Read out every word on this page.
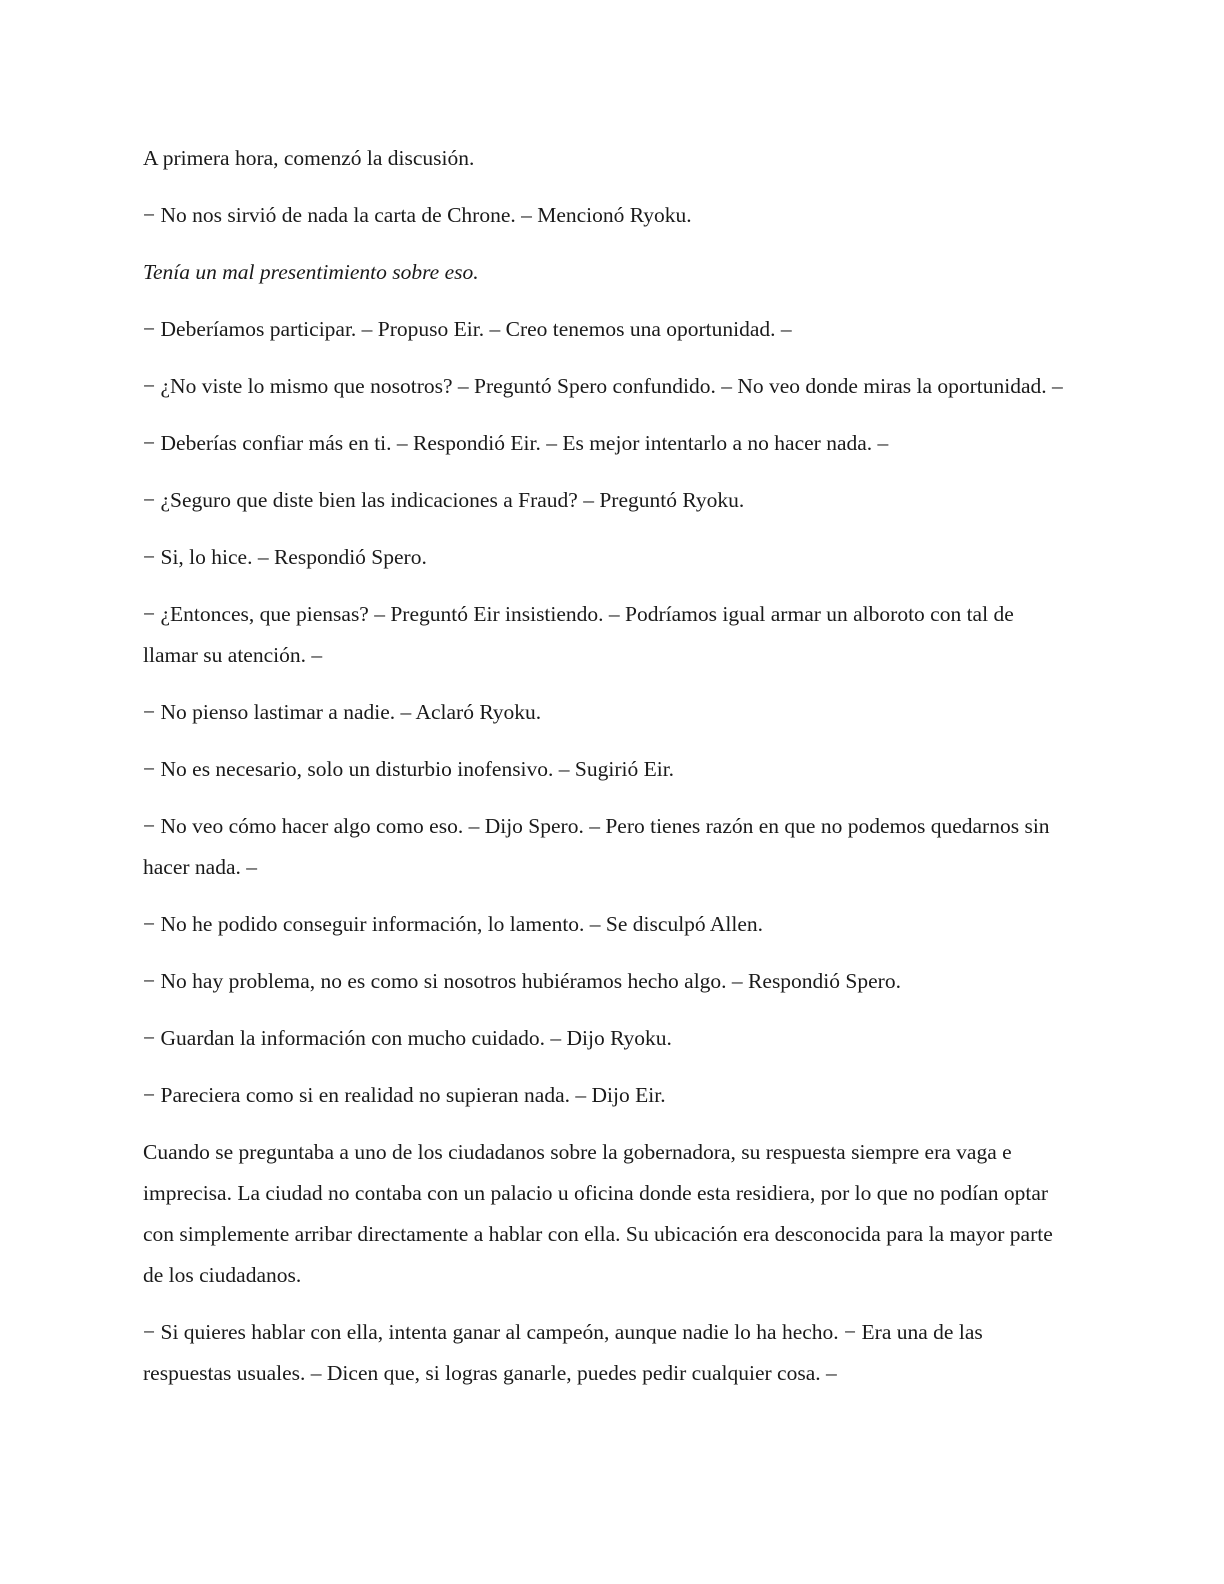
A primera hora, comenzó la discusión.

− No nos sirvió de nada la carta de Chrone. – Mencionó Ryoku.

Tenía un mal presentimiento sobre eso.

− Deberíamos participar. – Propuso Eir. – Creo tenemos una oportunidad. –

− ¿No viste lo mismo que nosotros? – Preguntó Spero confundido. – No veo donde miras la oportunidad. –

− Deberías confiar más en ti. – Respondió Eir. – Es mejor intentarlo a no hacer nada. –

− ¿Seguro que diste bien las indicaciones a Fraud? – Preguntó Ryoku.

− Si, lo hice. – Respondió Spero.

− ¿Entonces, que piensas? – Preguntó Eir insistiendo. – Podríamos igual armar un alboroto con tal de llamar su atención. –

− No pienso lastimar a nadie. – Aclaró Ryoku.

− No es necesario, solo un disturbio inofensivo. – Sugirió Eir.

− No veo cómo hacer algo como eso. – Dijo Spero. – Pero tienes razón en que no podemos quedarnos sin hacer nada. –

− No he podido conseguir información, lo lamento. – Se disculpó Allen.

− No hay problema, no es como si nosotros hubiéramos hecho algo. – Respondió Spero.

− Guardan la información con mucho cuidado. – Dijo Ryoku.

− Pareciera como si en realidad no supieran nada. – Dijo Eir.

Cuando se preguntaba a uno de los ciudadanos sobre la gobernadora, su respuesta siempre era vaga e imprecisa. La ciudad no contaba con un palacio u oficina donde esta residiera, por lo que no podían optar con simplemente arribar directamente a hablar con ella. Su ubicación era desconocida para la mayor parte de los ciudadanos.

− Si quieres hablar con ella, intenta ganar al campeón, aunque nadie lo ha hecho. − Era una de las respuestas usuales. – Dicen que, si logras ganarle, puedes pedir cualquier cosa. –
